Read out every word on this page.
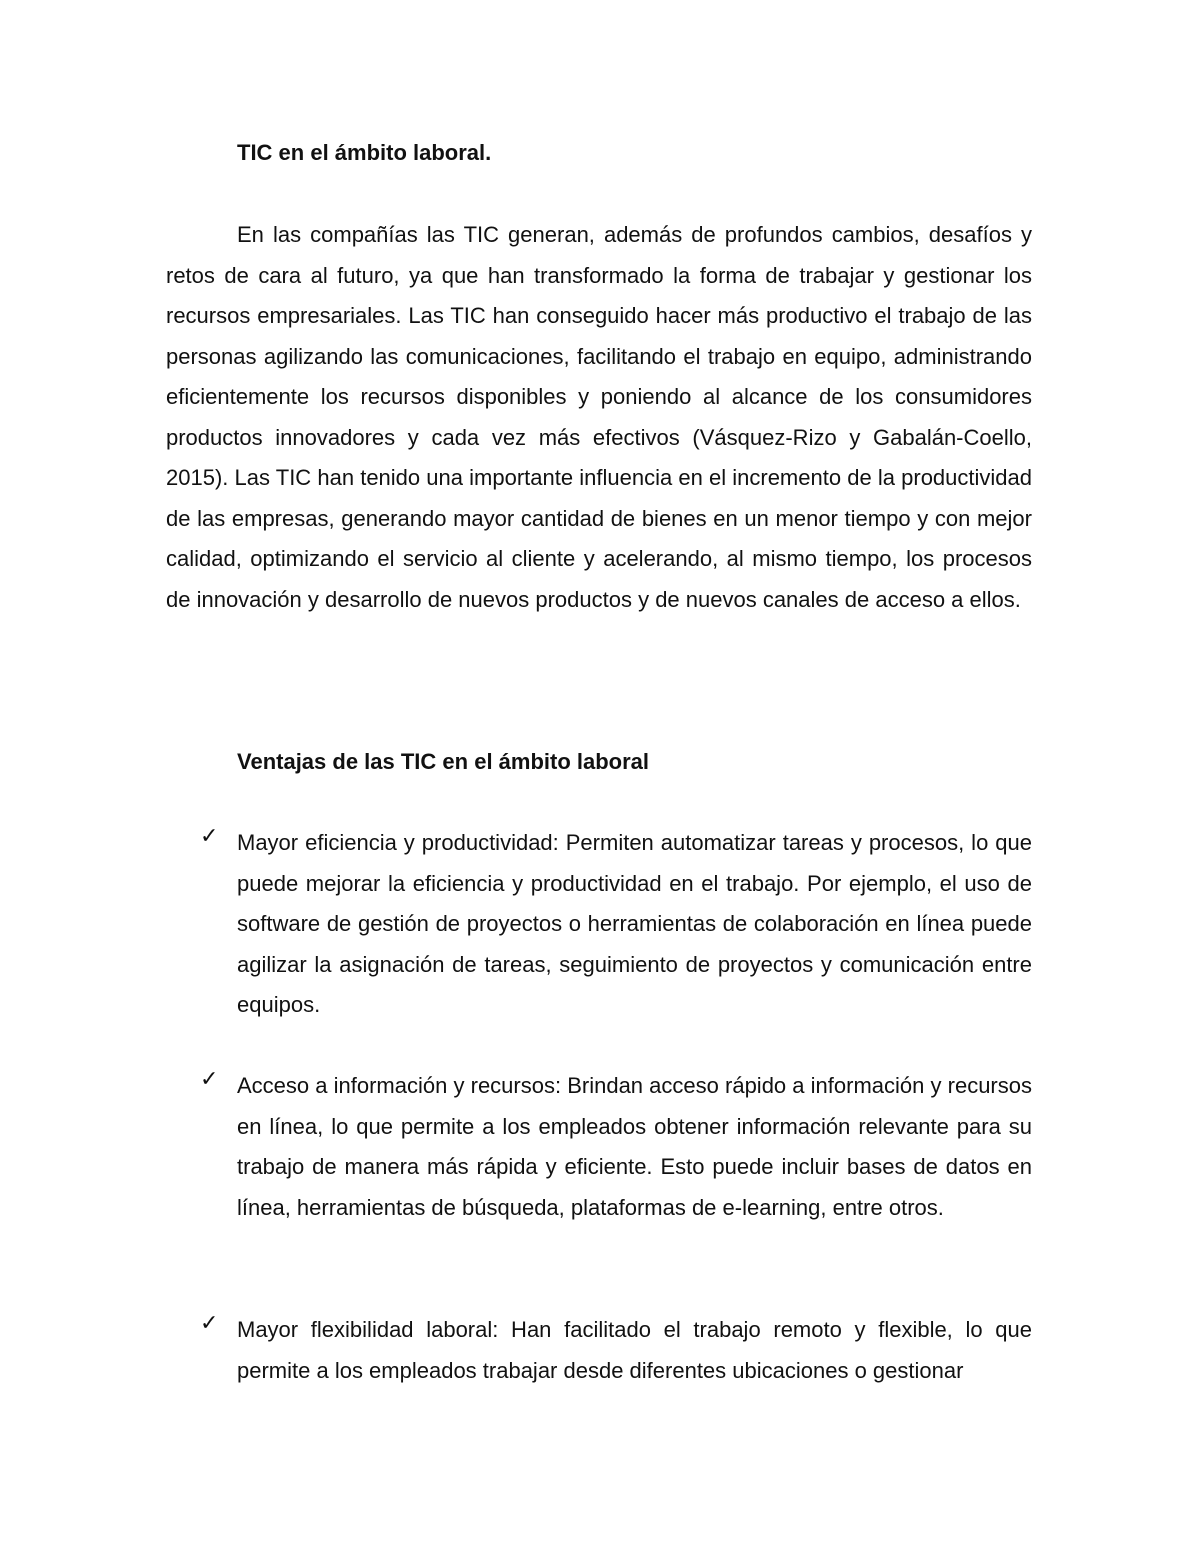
TIC en el ámbito laboral.
En las compañías las TIC generan, además de profundos cambios, desafíos y retos de cara al futuro, ya que han transformado la forma de trabajar y gestionar los recursos empresariales. Las TIC han conseguido hacer más productivo el trabajo de las personas agilizando las comunicaciones, facilitando el trabajo en equipo, administrando eficientemente los recursos disponibles y poniendo al alcance de los consumidores productos innovadores y cada vez más efectivos (Vásquez-Rizo y Gabalán-Coello, 2015). Las TIC han tenido una importante influencia en el incremento de la productividad de las empresas, generando mayor cantidad de bienes en un menor tiempo y con mejor calidad, optimizando el servicio al cliente y acelerando, al mismo tiempo, los procesos de innovación y desarrollo de nuevos productos y de nuevos canales de acceso a ellos.
Ventajas de las TIC en el ámbito laboral
✓ Mayor eficiencia y productividad: Permiten automatizar tareas y procesos, lo que puede mejorar la eficiencia y productividad en el trabajo. Por ejemplo, el uso de software de gestión de proyectos o herramientas de colaboración en línea puede agilizar la asignación de tareas, seguimiento de proyectos y comunicación entre equipos.
✓ Acceso a información y recursos: Brindan acceso rápido a información y recursos en línea, lo que permite a los empleados obtener información relevante para su trabajo de manera más rápida y eficiente. Esto puede incluir bases de datos en línea, herramientas de búsqueda, plataformas de e-learning, entre otros.
✓ Mayor flexibilidad laboral: Han facilitado el trabajo remoto y flexible, lo que permite a los empleados trabajar desde diferentes ubicaciones o gestionar
